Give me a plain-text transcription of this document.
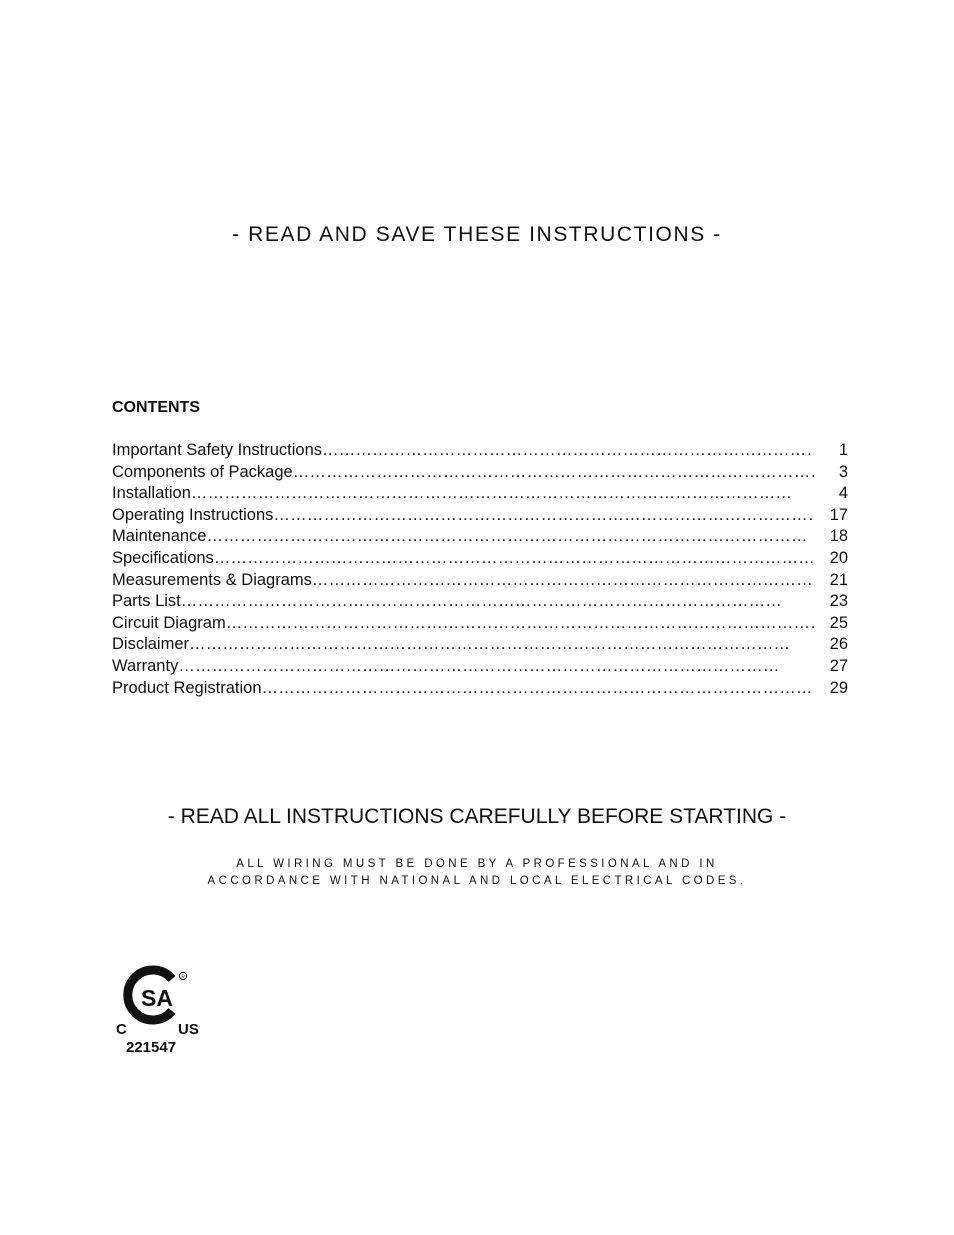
- READ AND SAVE THESE INSTRUCTIONS -
CONTENTS
Important Safety Instructions ……………………………………………………………………………………………………………………………………………………………………………………………	1
Components of Package ……………………………………………………………………………………………………………………………………………………………………………………………	3
Installation ……………………………………………………………………………………………………………………………………………………………………………………………	4
Operating Instructions ……………………………………………………………………………………………………………………………………………………………………………………………	17
Maintenance ……………………………………………………………………………………………………………………………………………………………………………………………	18
Specifications ……………………………………………………………………………………………………………………………………………………………………………………………	20
Measurements & Diagrams ……………………………………………………………………………………………………………………………………………………………………………………………	21
Parts List ……………………………………………………………………………………………………………………………………………………………………………………………	23
Circuit Diagram ……………………………………………………………………………………………………………………………………………………………………………………………	25
Disclaimer ……………………………………………………………………………………………………………………………………………………………………………………………	26
Warranty ……………………………………………………………………………………………………………………………………………………………………………………………	27
Product Registration ……………………………………………………………………………………………………………………………………………………………………………………………	29
- READ ALL INSTRUCTIONS CAREFULLY BEFORE STARTING -
ALL WIRING MUST BE DONE BY A PROFESSIONAL AND IN
ACCORDANCE WITH NATIONAL AND LOCAL ELECTRICAL CODES.
SA
R
C	US
221547
